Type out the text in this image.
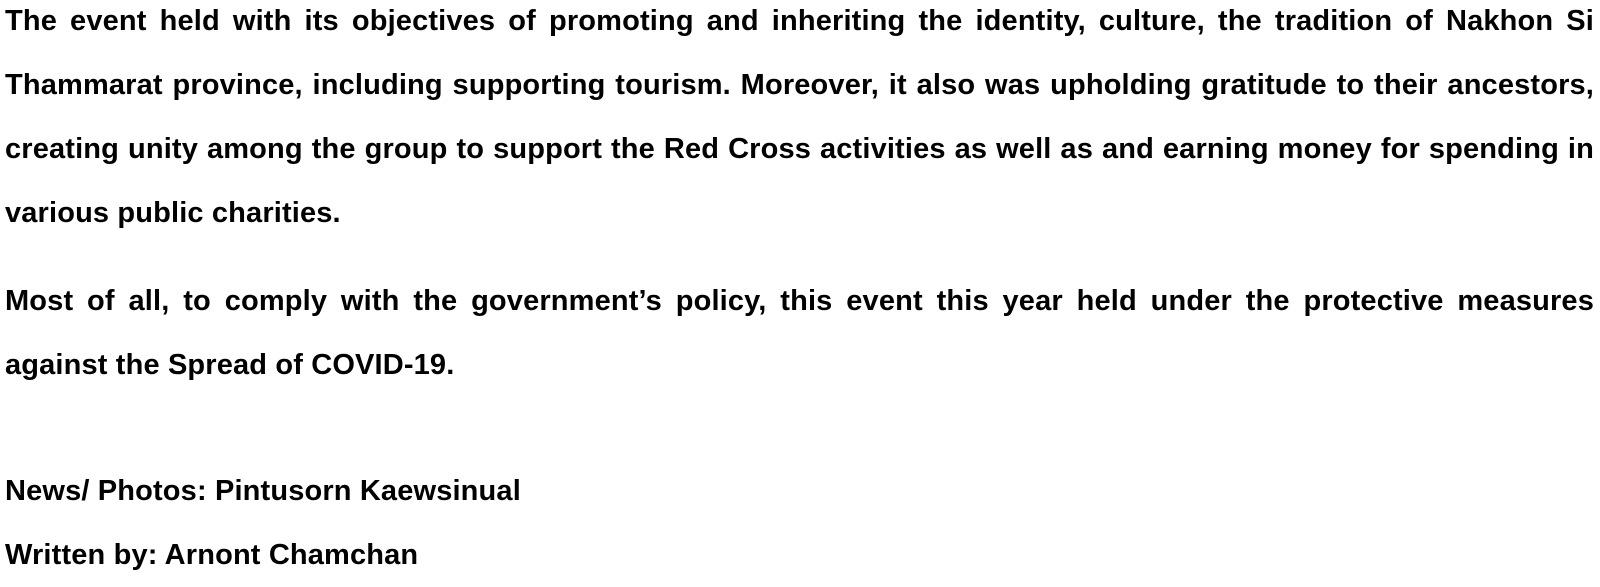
The event held with its objectives of promoting and inheriting the identity, culture, the tradition of Nakhon Si Thammarat province, including supporting tourism. Moreover, it also was upholding gratitude to their ancestors, creating unity among the group to support the Red Cross activities as well as and earning money for spending in various public charities.

Most of all, to comply with the government’s policy, this event this year held under the protective measures against the Spread of COVID-19.

News/ Photos: Pintusorn Kaewsinual

Written by: Arnont Chamchan
